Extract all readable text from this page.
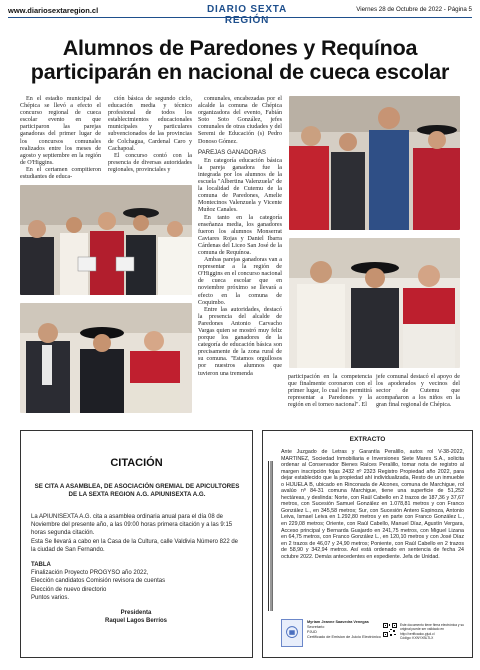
www.diariosextaregion.cl	DIARIO SEXTA REGIÓN
Viernes 28 de Octubre de 2022 - Página 5
Alumnos de Paredones y Requínoa
participarán en nacional de cueca escolar

En el estadio municipal de Chépica se llevó a efecto el concurso regional de cueca escolar evento en que participaron las parejas ganadoras del primer lugar de los concursos comunales realizados entre los meses de agosto y septiembre en la región de O'Higgins.

En el certamen compitieron estudiantes de educa-

ción básica de segundo ciclo, educación media y técnico profesional de todos los establecimientos educacionales municipales y particulares subvencionados de las provincias de Colchagua, Cardenal Caro y Cachapoal.

El concurso contó con la presencia de diversas autoridades regionales, provinciales y

comunales, encabezadas por el alcalde la comuna de Chépica organizadora del evento, Fabián Soto Soto González, jefes comunales de otras ciudades y del Seremi de Educación (s) Pedro Donoso Gómez.

PAREJAS GANADORAS

En categoría educación básica la pareja ganadora fue la integrada por los alumnos de la escuela "Albertina Valenzuela" de la localidad de Cutemu de la comuna de Paredones, Amelie Montecinos Valenzuela y Vicente Muñoz Canales.

En tanto en la categoría enseñanza media, los ganadores fueron los alumnos Monserrat Caviares Rojas y Daniel Ibarra Cárdenas del Liceo San José de la comuna de Requínoa.

Ambas parejas ganadoras van a representar a la región de O'Higgins en el concurso nacional de cueca escolar que en noviembre próximo se llevará a efecto en la comuna de Coquimbo.

Entre las autoridades, destacó la presencia del alcalde de Paredones Antonio Carvacho Vargas quien se mostró muy feliz porque los ganadores de la categoría de educación básica son precisamente de la zona rural de su comuna. "Estamos orgullosos por nuestros alumnos que tuvieron una tremenda

participación en la competencia que finalmente coronaron con el primer lugar, lo cual les permitirá representar a Paredones y la región en el torneo nacional". El

jefe comunal destacó el apoyo de los apoderados y vecinos del sector de Cutemu que acompañaron a los niños en la gran final regional de Chépica.

CITACIÓN
SE CITA A ASAMBLEA, DE ASOCIACIÓN GREMIAL DE APICULTORES DE LA SEXTA REGION A.G. APIUNISEXTA A.G.
La APIUNISEXTA A.G. cita a asamblea ordinaria anual para el día 08 de Noviembre del presente año, a las 09:00 horas primera citación y a las 9:15 horas segunda citación.
Esta Se llevará a cabo en la Casa de la Cultura, calle Valdivia Número 822 de la ciudad de San Fernando.
TABLA
Finalización Proyecto PROGYSO año 2022,
Elección candidatos Comisión revisora de cuentas
Elección de nuevo directorio
Puntos varios.
Presidenta
Raquel Lagos Berríos
EXTRACTO
Ante Juzgado de Letras y Garantía Peralillo, autos rol V-38-2022, MARTINEZ, Sociedad Inmobiliaria e Inversiones Siete Mares S.A., solicita ordenar al Conservador Bienes Raíces Peralillo, tomar nota de registro al margen inscripción fojas 2432 nº 2323 Registro Propiedad año 2022, para dejar establecido que la propiedad ahí individualizada, Resto de un inmueble o HIJUELA B, ubicado en Rinconada de Alcones, comuna de Marchigue, rol avalúo nº 84-31 comuna Marchigue, tiene una superficie de 51,252 hectáreas, y deslinda: Norte, con Raúl Cabello en 2 trazos de 187,36 y 37,67 metros, con Sucesión Samuel González en 1.078,81 metros y con Franco González L., en 345,58 metros; Sur, con Sucesión Antero Espinoza, Antonio Leiva, Ismael Leiva en 1.292,80 metros y en parte con Franco González L., en 229,08 metros; Oriente, con Raúl Cabello, Manuel Díaz, Agustín Vergara, Acceso principal y Bernarda Guajardo en 241,75 metros, con Miguel Lizana en 64,75 metros, con Franco González L., en 120,10 metros y con José Díaz en 2 trazos de 46,07 y 24,90 metros; Poniente, con Raúl Cabello en 2 trazos de 58,90 y 342,94 metros. Así está ordenado en sentencia de fecha 24 octubre 2022. Demás antecedentes en expediente. Jefa de Unidad.
Myriam Jeanne Saavedra Venegas
Secretario
PJUD
Certificado de Emision de Juicio Electrónico
Este documento tiene firma electrónica y su original puede ser validado en http://verificadoc.pjud.cl
Código: KXNYXBLTLX
